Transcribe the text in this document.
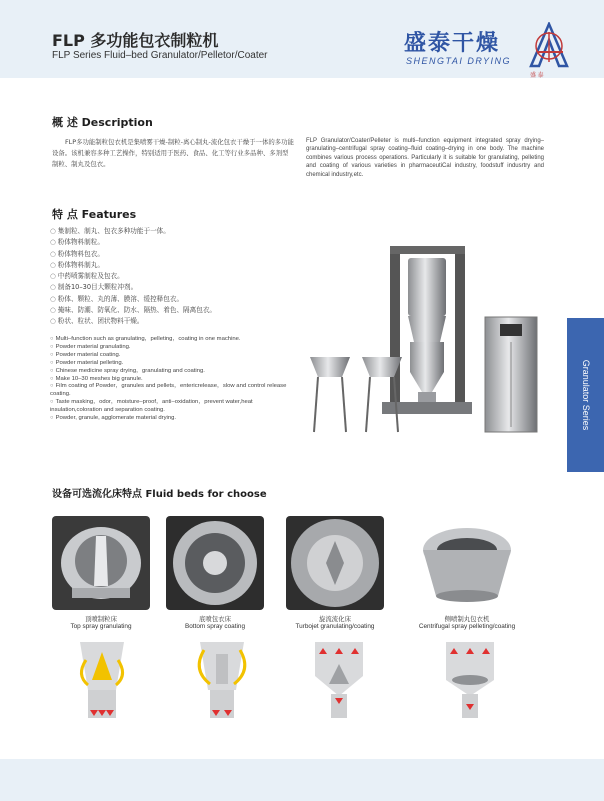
FLP 多功能包衣制粒机
FLP Series Fluid–bed Granulator/Pelletor/Coater	盛泰干燥
SHENGTAI DRYING
盛 泰
Granulator Series
概 述 Description
FLP多功能制粒包衣机是集喷雾干燥-制粒-离心制丸-流化包衣干燥于一体的多功能设备。该机兼容多种工艺操作，特别适用于医药、食品、化工等行业多品种、多剂型制粒、制丸及包衣。
FLP Granulator/Coater/Pelleter is multi–function equipment integrated spray drying–granulating–centrifugal spray coating–fluid coating–drying in one body. The machine combines various process operations. Particularly it is suitable for granulating, pelleting and coating of various varieties in pharmaceutiCal industry, foodstuff indusrtry and chemical industry,etc.
特 点 Features
○ 集制粒、制丸、包衣多种功能于一体。
○ 粉体物料制粒。
○ 粉体物料包衣。
○ 粉体物料制丸。
○ 中药喷雾制粒及包衣。
○ 制备10–30目大颗粒冲剂。
○ 粉体、颗粒、丸的薄、膜溶、缓控释包衣。
○ 掩味、防潮、防氧化、防水、隔热、着色、隔离包衣。
○ 粉状、粒状、团状物料干燥。
○ Multi–function such as granulating，pelleting，coating in one machine.
○ Powder material granulating.
○ Powder material coating.
○ Powder material pelleting.
○ Chinese medicine spray drying，granulating and coating.
○ Make 10–30 meshes big granule.
○ Film coating of Powder，granules and pellets，entericrelease，slow and control release coating.
○ Taste masking，odor，moisture–proof，anti–oxidation，prevent water,heat insulation,coloration and separation coating.
○ Powder, granule, agglomerate material drying.
设备可选流化床特点 Fluid beds for choose
顶喷制粒床
Top spray granulating
底喷包衣床
Bottom spray coating
旋流流化床
Turbojet granulating/coating
侧喷制丸包衣机
Centrifugal spray pelleting/coating
